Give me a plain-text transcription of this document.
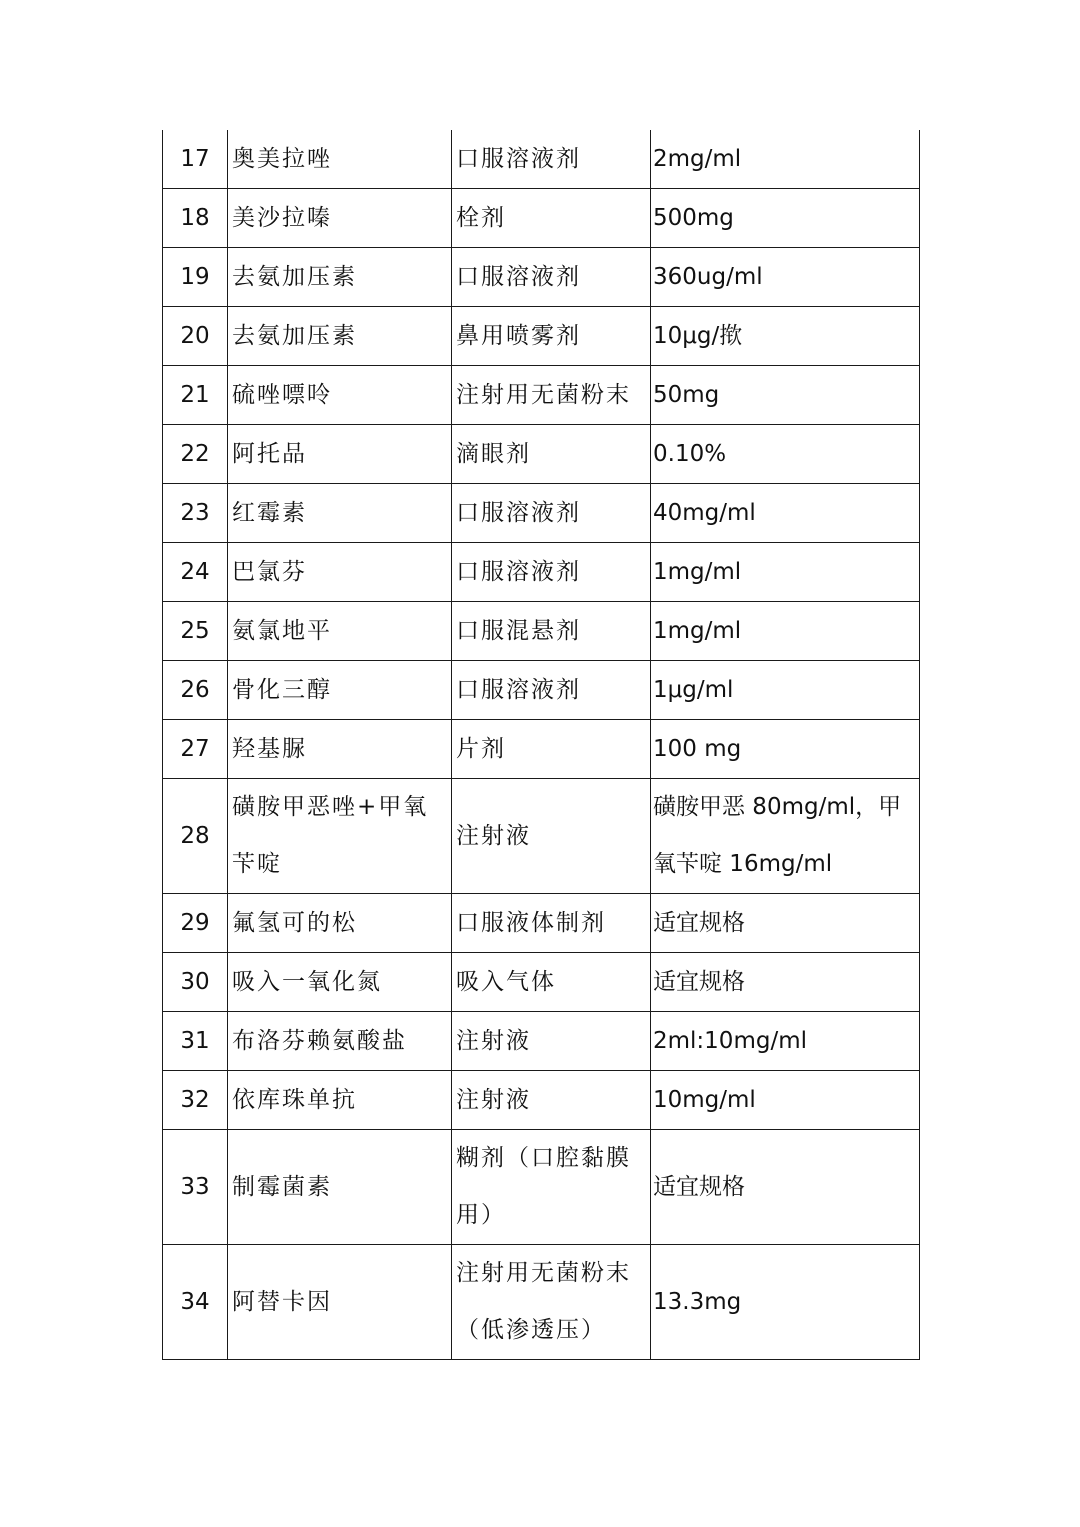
17	奥美拉唑	口服溶液剂	2mg/ml
18	美沙拉嗪	栓剂	500mg
19	去氨加压素	口服溶液剂	360ug/ml
20	去氨加压素	鼻用喷雾剂	10μg/揿
21	硫唑嘌呤	注射用无菌粉末	50mg
22	阿托品	滴眼剂	0.10%
23	红霉素	口服溶液剂	40mg/ml
24	巴氯芬	口服溶液剂	1mg/ml
25	氨氯地平	口服混悬剂	1mg/ml
26	骨化三醇	口服溶液剂	1μg/ml
27	羟基脲	片剂	100 mg
28	磺胺甲恶唑+甲氧苄啶	注射液	磺胺甲恶 80mg/ml，甲氧苄啶 16mg/ml
29	氟氢可的松	口服液体制剂	适宜规格
30	吸入一氧化氮	吸入气体	适宜规格
31	布洛芬赖氨酸盐	注射液	2ml:10mg/ml
32	依库珠单抗	注射液	10mg/ml
33	制霉菌素	糊剂（口腔黏膜用）	适宜规格
34	阿替卡因	注射用无菌粉末（低渗透压）	13.3mg
